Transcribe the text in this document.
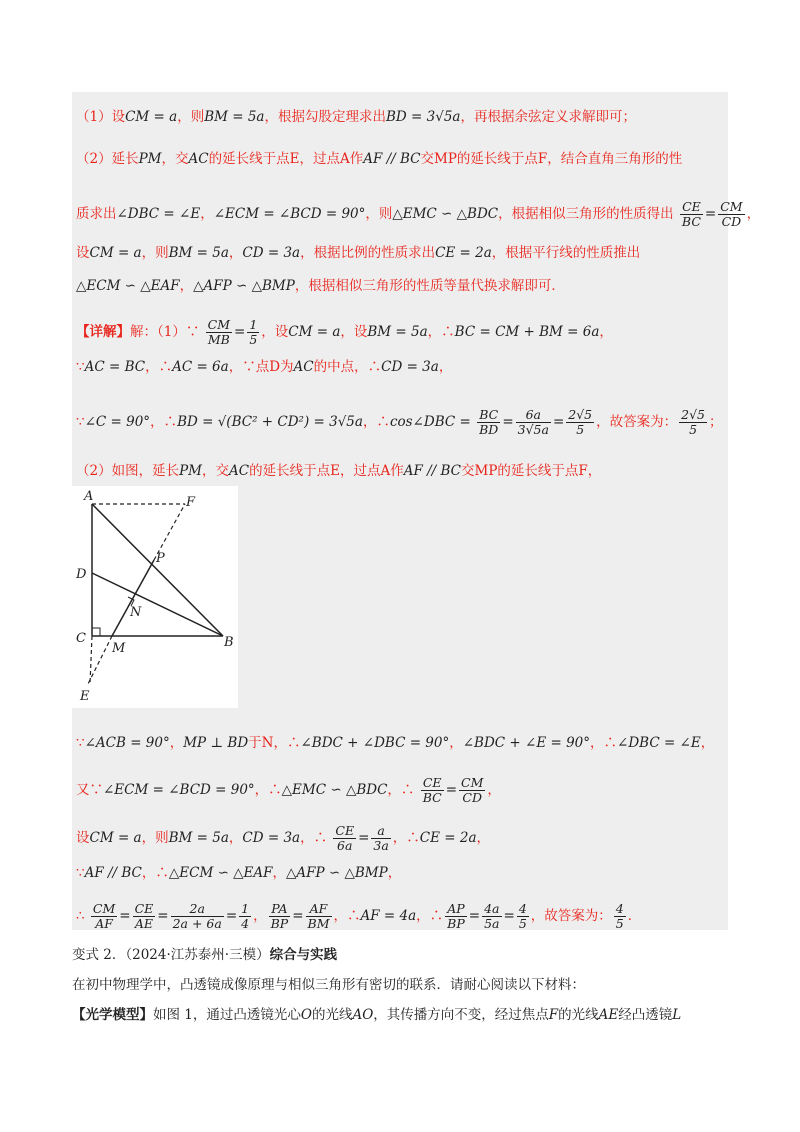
（1）设CM = a，则BM = 5a，根据勾股定理求出BD = 3√5a，再根据余弦定义求解即可；
（2）延长PM，交AC的延长线于点E，过点A作AF // BC交MP的延长线于点F，结合直角三角形的性
质求出∠DBC = ∠E，∠ECM = ∠BCD = 90°，则△EMC ∽ △BDC，根据相似三角形的性质得出 $\frac{CE}{BC} = \frac{CM}{CD}$ ，
设CM = a，则BM = 5a，CD = 3a，根据比例的性质求出CE = 2a，根据平行线的性质推出
△ECM ∽ △EAF，△AFP ∽ △BMP，根据相似三角形的性质等量代换求解即可．
【详解】解：（1）∵ $\frac{CM}{MB} = \frac{1}{5}$ ，设CM = a，设BM = 5a，∴BC = CM + BM = 6a，
∵AC = BC，∴AC = 6a，∵点D为AC的中点，∴CD = 3a，
∵∠C = 90°，∴BD = √(BC² + CD²) = 3√5a，∴cos∠DBC = $\frac{BC}{BD} = \frac{6a}{3√5a} = \frac{2√5}{5}$ ，故答案为： $\frac{2√5}{5}$ ；
（2）如图，延长PM，交AC的延长线于点E，过点A作AF // BC交MP的延长线于点F，
A	F
P
D
N
C
M	B
E
∵∠ACB = 90°，MP ⊥ BD于N，∴∠BDC + ∠DBC = 90°，∠BDC + ∠E = 90°，∴∠DBC = ∠E，
又∵∠ECM = ∠BCD = 90°，∴△EMC ∽ △BDC，∴ $\frac{CE}{BC} = \frac{CM}{CD}$ ，
设CM = a，则BM = 5a，CD = 3a，∴ $\frac{CE}{6a} = \frac{a}{3a}$ ，∴CE = 2a，
∵AF // BC，∴△ECM ∽ △EAF，△AFP ∽ △BMP，
∴ $\frac{CM}{AF} = \frac{CE}{AE} = \frac{2a}{2a + 6a} = \frac{1}{4}$ ， $\frac{PA}{BP} = \frac{AF}{BM}$ ，∴AF = 4a，∴ $\frac{AP}{BP} = \frac{4a}{5a} = \frac{4}{5}$ ，故答案为： $\frac{4}{5}$ ．
变式 2．（2024·江苏泰州·三模）综合与实践
在初中物理学中，凸透镜成像原理与相似三角形有密切的联系．请耐心阅读以下材料：
【光学模型】如图 1，通过凸透镜光心O的光线AO，其传播方向不变，经过焦点F的光线AE经凸透镜L
